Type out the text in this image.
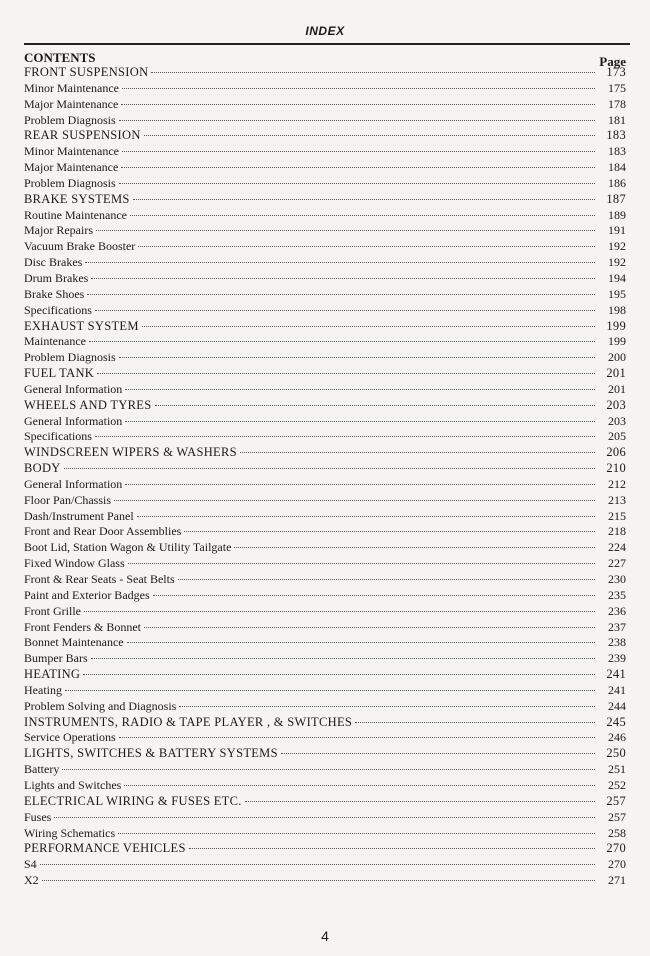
INDEX
CONTENTS	Page
FRONT SUSPENSION	173
Minor Maintenance	175
Major Maintenance	178
Problem Diagnosis	181
REAR SUSPENSION	183
Minor Maintenance	183
Major Maintenance	184
Problem Diagnosis	186
BRAKE SYSTEMS	187
Routine Maintenance	189
Major Repairs	191
Vacuum Brake Booster	192
Disc Brakes	192
Drum Brakes	194
Brake Shoes	195
Specifications	198
EXHAUST SYSTEM	199
Maintenance	199
Problem Diagnosis	200
FUEL TANK	201
General Information	201
WHEELS AND TYRES	203
General Information	203
Specifications	205
WINDSCREEN WIPERS & WASHERS	206
BODY	210
General Information	212
Floor Pan/Chassis	213
Dash/Instrument Panel	215
Front and Rear Door Assemblies	218
Boot Lid, Station Wagon & Utility Tailgate	224
Fixed Window Glass	227
Front & Rear Seats - Seat Belts	230
Paint and Exterior Badges	235
Front Grille	236
Front Fenders & Bonnet	237
Bonnet Maintenance	238
Bumper Bars	239
HEATING	241
Heating	241
Problem Solving and Diagnosis	244
INSTRUMENTS, RADIO & TAPE PLAYER , & SWITCHES	245
Service Operations	246
LIGHTS, SWITCHES & BATTERY SYSTEMS	250
Battery	251
Lights and Switches	252
ELECTRICAL WIRING & FUSES ETC.	257
Fuses	257
Wiring Schematics	258
PERFORMANCE VEHICLES	270
S4	270
X2	271
4
